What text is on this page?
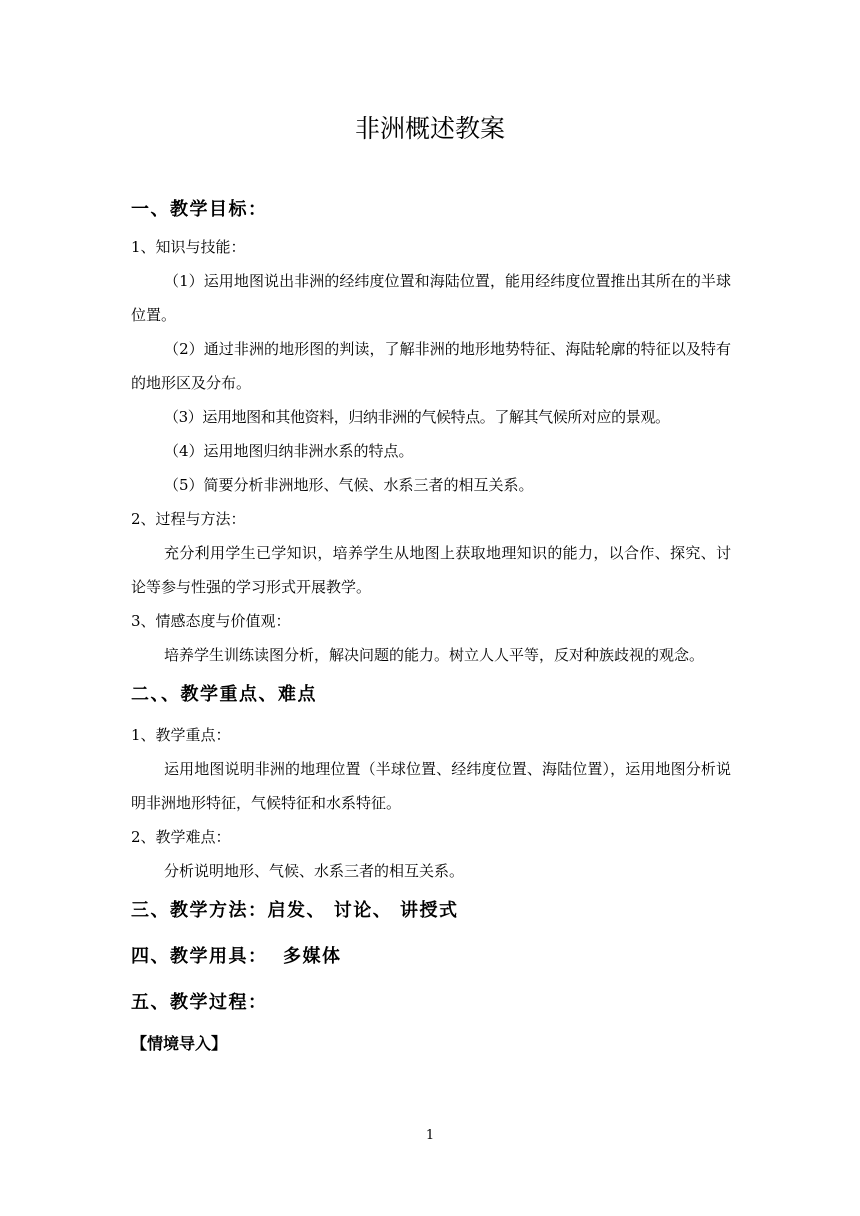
非洲概述教案
一、教学目标：
1、知识与技能：
（1）运用地图说出非洲的经纬度位置和海陆位置，能用经纬度位置推出其所在的半球位置。
（2）通过非洲的地形图的判读，了解非洲的地形地势特征、海陆轮廓的特征以及特有的地形区及分布。
（3）运用地图和其他资料，归纳非洲的气候特点。了解其气候所对应的景观。
（4）运用地图归纳非洲水系的特点。
（5）简要分析非洲地形、气候、水系三者的相互关系。
2、过程与方法：
充分利用学生已学知识，培养学生从地图上获取地理知识的能力，以合作、探究、讨论等参与性强的学习形式开展教学。
3、情感态度与价值观：
培养学生训练读图分析，解决问题的能力。树立人人平等，反对种族歧视的观念。
二、、教学重点、难点
1、教学重点：
运用地图说明非洲的地理位置（半球位置、经纬度位置、海陆位置），运用地图分析说明非洲地形特征，气候特征和水系特征。
2、教学难点：
分析说明地形、气候、水系三者的相互关系。
三、教学方法：启发、 讨论、 讲授式
四、教学用具：  多媒体
五、教学过程：
【情境导入】
1
